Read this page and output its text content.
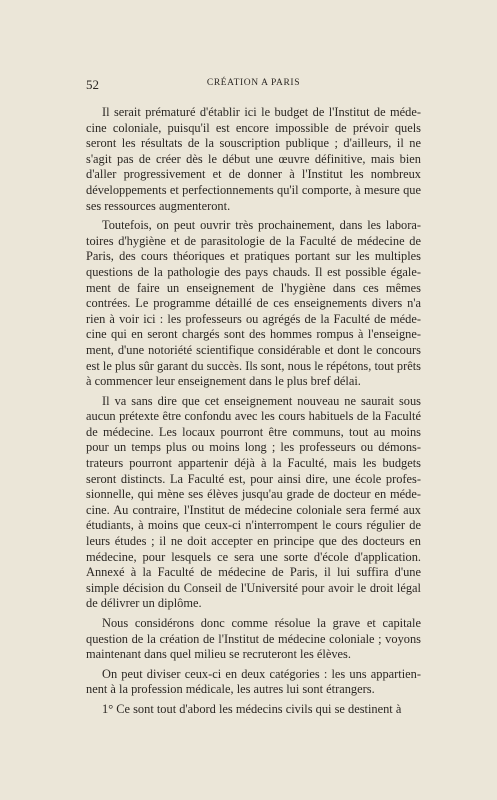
52	CRÉATION A PARIS

Il serait prématuré d'établir ici le budget de l'Institut de médecine coloniale, puisqu'il est encore impossible de prévoir quels seront les résultats de la souscription publique ; d'ailleurs, il ne s'agit pas de créer dès le début une œuvre définitive, mais bien d'aller progressivement et de donner à l'Institut les nombreux développements et perfectionnements qu'il comporte, à mesure que ses ressources augmenteront.

Toutefois, on peut ouvrir très prochainement, dans les laboratoires d'hygiène et de parasitologie de la Faculté de médecine de Paris, des cours théoriques et pratiques portant sur les multiples questions de la pathologie des pays chauds. Il est possible également de faire un enseignement de l'hygiène dans ces mêmes contrées. Le programme détaillé de ces enseignements divers n'a rien à voir ici : les professeurs ou agrégés de la Faculté de médecine qui en seront chargés sont des hommes rompus à l'enseignement, d'une notoriété scientifique considérable et dont le concours est le plus sûr garant du succès. Ils sont, nous le répétons, tout prêts à commencer leur enseignement dans le plus bref délai.

Il va sans dire que cet enseignement nouveau ne saurait sous aucun prétexte être confondu avec les cours habituels de la Faculté de médecine. Les locaux pourront être communs, tout au moins pour un temps plus ou moins long ; les professeurs ou démonstrateurs pourront appartenir déjà à la Faculté, mais les budgets seront distincts. La Faculté est, pour ainsi dire, une école professionnelle, qui mène ses élèves jusqu'au grade de docteur en médecine. Au contraire, l'Institut de médecine coloniale sera fermé aux étudiants, à moins que ceux-ci n'interrompent le cours régulier de leurs études ; il ne doit accepter en principe que des docteurs en médecine, pour lesquels ce sera une sorte d'école d'application. Annexé à la Faculté de médecine de Paris, il lui suffira d'une simple décision du Conseil de l'Université pour avoir le droit légal de délivrer un diplôme.

Nous considérons donc comme résolue la grave et capitale question de la création de l'Institut de médecine coloniale ; voyons maintenant dans quel milieu se recruteront les élèves.

On peut diviser ceux-ci en deux catégories : les uns appartiennent à la profession médicale, les autres lui sont étrangers.

1° Ce sont tout d'abord les médecins civils qui se destinent à
